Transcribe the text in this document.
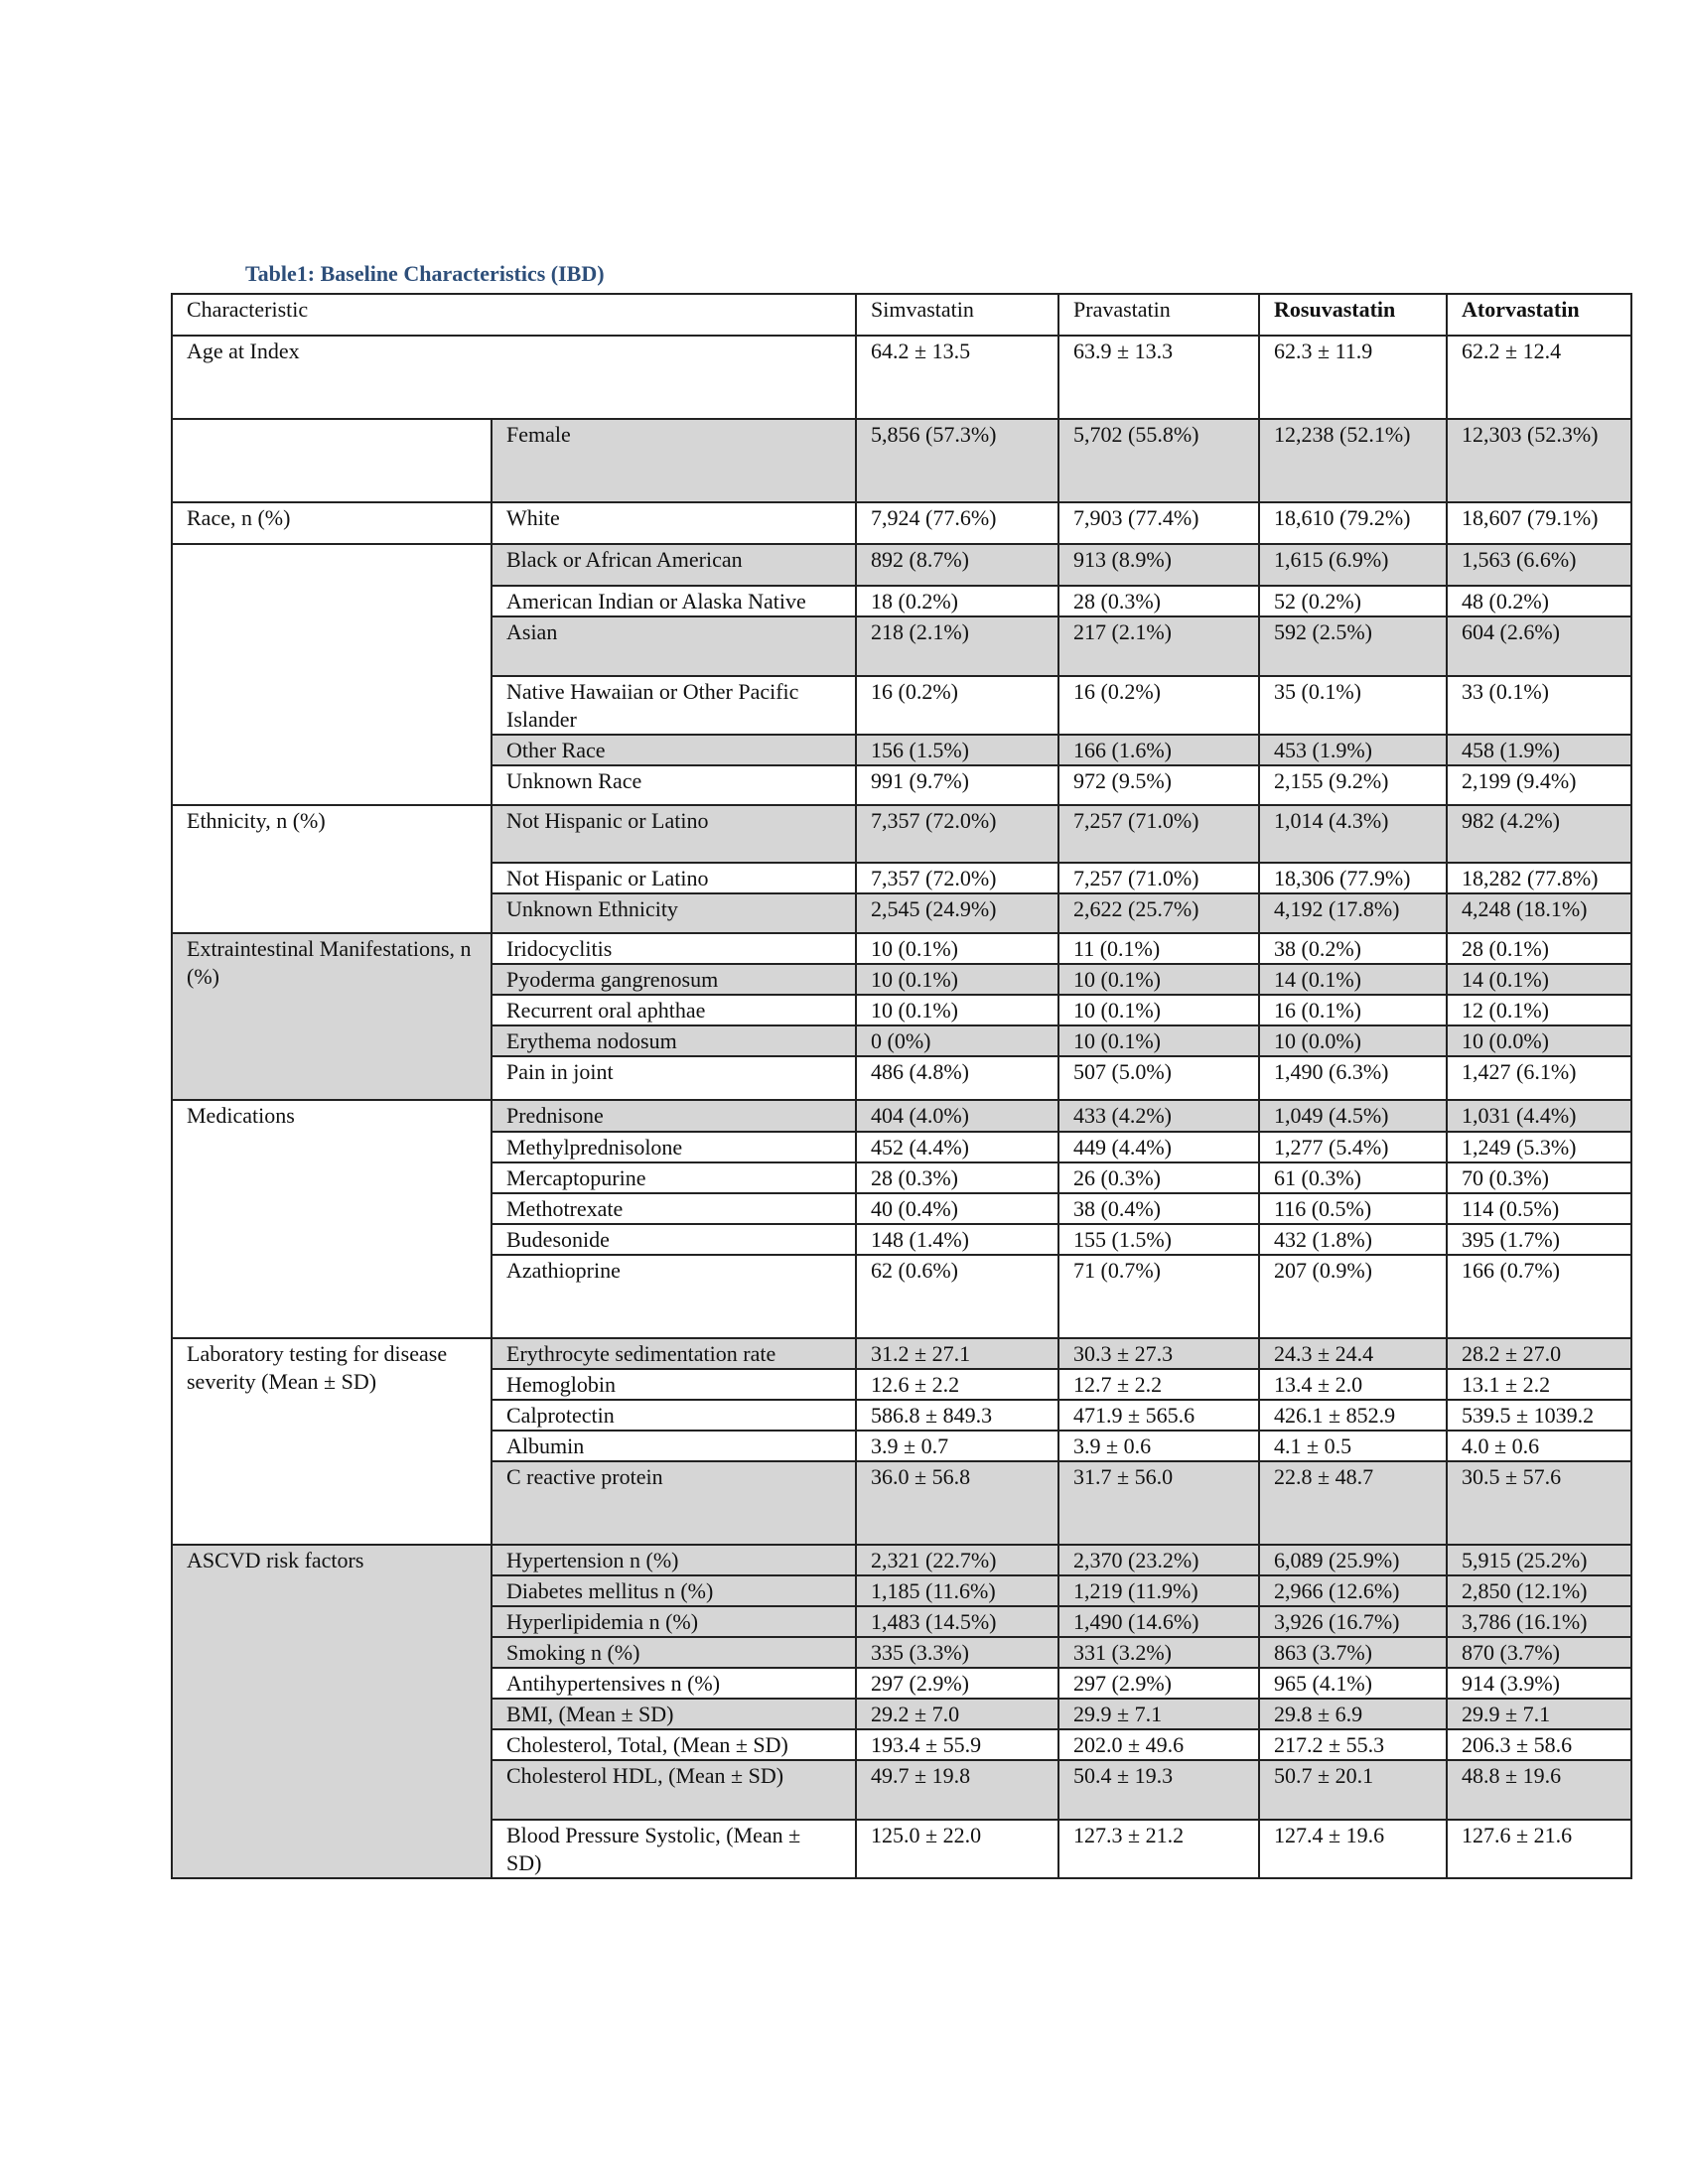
Table1: Baseline Characteristics (IBD)
Characteristic		Simvastatin	Pravastatin	Rosuvastatin	Atorvastatin
Age at Index		64.2 ± 13.5	63.9 ± 13.3	62.3 ± 11.9	62.2 ± 12.4
	Female	5,856 (57.3%)	5,702 (55.8%)	12,238 (52.1%)	12,303 (52.3%)
Race, n (%)	White	7,924 (77.6%)	7,903 (77.4%)	18,610 (79.2%)	18,607 (79.1%)
	Black or African American	892 (8.7%)	913 (8.9%)	1,615 (6.9%)	1,563 (6.6%)
	American Indian or Alaska Native	18 (0.2%)	28 (0.3%)	52 (0.2%)	48 (0.2%)
	Asian	218 (2.1%)	217 (2.1%)	592 (2.5%)	604 (2.6%)
	Native Hawaiian or Other Pacific Islander	16 (0.2%)	16 (0.2%)	35 (0.1%)	33 (0.1%)
	Other Race	156 (1.5%)	166 (1.6%)	453 (1.9%)	458 (1.9%)
	Unknown Race	991 (9.7%)	972 (9.5%)	2,155 (9.2%)	2,199 (9.4%)
Ethnicity, n (%)	Not Hispanic or Latino	7,357 (72.0%)	7,257 (71.0%)	1,014 (4.3%)	982 (4.2%)
	Not Hispanic or Latino	7,357 (72.0%)	7,257 (71.0%)	18,306 (77.9%)	18,282 (77.8%)
	Unknown Ethnicity	2,545 (24.9%)	2,622 (25.7%)	4,192 (17.8%)	4,248 (18.1%)
Extraintestinal Manifestations, n (%)	Iridocyclitis	10 (0.1%)	11 (0.1%)	38 (0.2%)	28 (0.1%)
	Pyoderma gangrenosum	10 (0.1%)	10 (0.1%)	14 (0.1%)	14 (0.1%)
	Recurrent oral aphthae	10 (0.1%)	10 (0.1%)	16 (0.1%)	12 (0.1%)
	Erythema nodosum	0 (0%)	10 (0.1%)	10 (0.0%)	10 (0.0%)
	Pain in joint	486 (4.8%)	507 (5.0%)	1,490 (6.3%)	1,427 (6.1%)
Medications	Prednisone	404 (4.0%)	433 (4.2%)	1,049 (4.5%)	1,031 (4.4%)
	Methylprednisolone	452 (4.4%)	449 (4.4%)	1,277 (5.4%)	1,249 (5.3%)
	Mercaptopurine	28 (0.3%)	26 (0.3%)	61 (0.3%)	70 (0.3%)
	Methotrexate	40 (0.4%)	38 (0.4%)	116 (0.5%)	114 (0.5%)
	Budesonide	148 (1.4%)	155 (1.5%)	432 (1.8%)	395 (1.7%)
	Azathioprine	62 (0.6%)	71 (0.7%)	207 (0.9%)	166 (0.7%)
Laboratory testing for disease severity (Mean ± SD)	Erythrocyte sedimentation rate	31.2 ± 27.1	30.3 ± 27.3	24.3 ± 24.4	28.2 ± 27.0
	Hemoglobin	12.6 ± 2.2	12.7 ± 2.2	13.4 ± 2.0	13.1 ± 2.2
	Calprotectin	586.8 ± 849.3	471.9 ± 565.6	426.1 ± 852.9	539.5 ± 1039.2
	Albumin	3.9 ± 0.7	3.9 ± 0.6	4.1 ± 0.5	4.0 ± 0.6
	C reactive protein	36.0 ± 56.8	31.7 ± 56.0	22.8 ± 48.7	30.5 ± 57.6
ASCVD risk factors	Hypertension n (%)	2,321 (22.7%)	2,370 (23.2%)	6,089 (25.9%)	5,915 (25.2%)
	Diabetes mellitus n (%)	1,185 (11.6%)	1,219 (11.9%)	2,966 (12.6%)	2,850 (12.1%)
	Hyperlipidemia n (%)	1,483 (14.5%)	1,490 (14.6%)	3,926 (16.7%)	3,786 (16.1%)
	Smoking n (%)	335 (3.3%)	331 (3.2%)	863 (3.7%)	870 (3.7%)
	Antihypertensives n (%)	297 (2.9%)	297 (2.9%)	965 (4.1%)	914 (3.9%)
	BMI, (Mean ± SD)	29.2 ± 7.0	29.9 ± 7.1	29.8 ± 6.9	29.9 ± 7.1
	Cholesterol, Total, (Mean ± SD)	193.4 ± 55.9	202.0 ± 49.6	217.2 ± 55.3	206.3 ± 58.6
	Cholesterol HDL, (Mean ± SD)	49.7 ± 19.8	50.4 ± 19.3	50.7 ± 20.1	48.8 ± 19.6
	Blood Pressure Systolic, (Mean ± SD)	125.0 ± 22.0	127.3 ± 21.2	127.4 ± 19.6	127.6 ± 21.6
